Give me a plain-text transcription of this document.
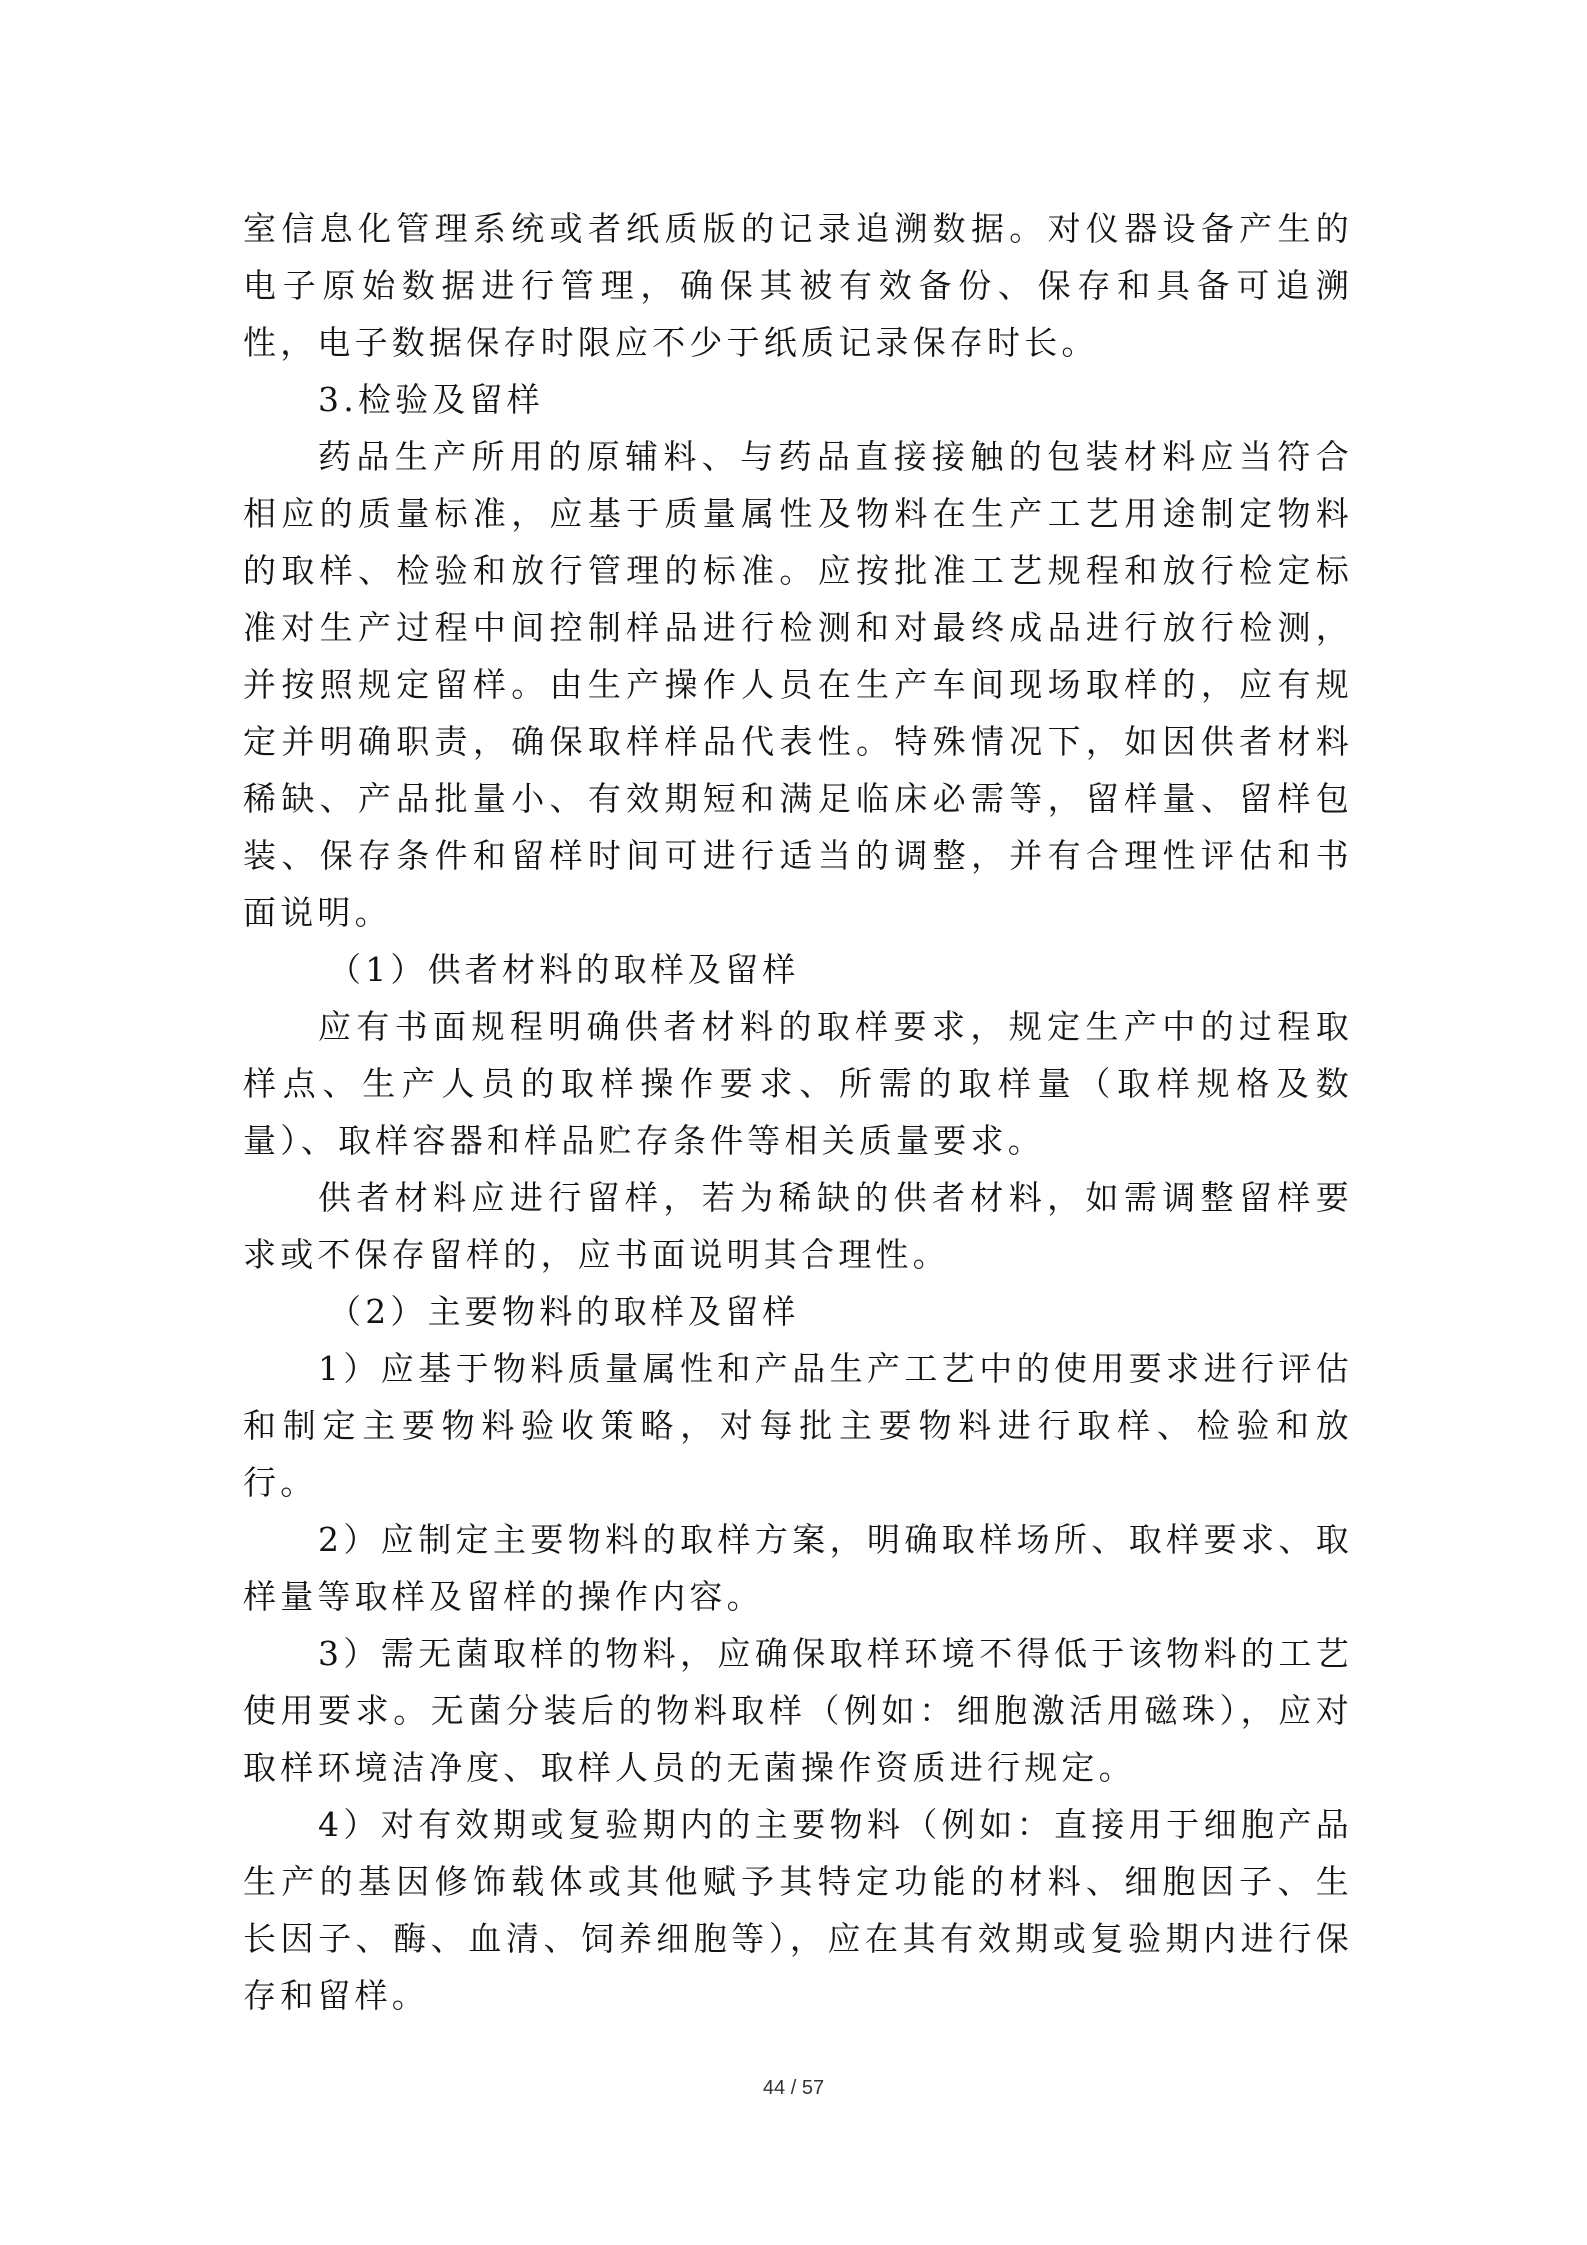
室信息化管理系统或者纸质版的记录追溯数据。对仪器设备产生的电子原始数据进行管理，确保其被有效备份、保存和具备可追溯性，电子数据保存时限应不少于纸质记录保存时长。

3.检验及留样

药品生产所用的原辅料、与药品直接接触的包装材料应当符合相应的质量标准，应基于质量属性及物料在生产工艺用途制定物料的取样、检验和放行管理的标准。应按批准工艺规程和放行检定标准对生产过程中间控制样品进行检测和对最终成品进行放行检测，并按照规定留样。由生产操作人员在生产车间现场取样的，应有规定并明确职责，确保取样样品代表性。特殊情况下，如因供者材料稀缺、产品批量小、有效期短和满足临床必需等，留样量、留样包装、保存条件和留样时间可进行适当的调整，并有合理性评估和书面说明。

（1）供者材料的取样及留样

应有书面规程明确供者材料的取样要求，规定生产中的过程取样点、生产人员的取样操作要求、所需的取样量（取样规格及数量）、取样容器和样品贮存条件等相关质量要求。

供者材料应进行留样，若为稀缺的供者材料，如需调整留样要求或不保存留样的，应书面说明其合理性。

（2）主要物料的取样及留样

1）应基于物料质量属性和产品生产工艺中的使用要求进行评估和制定主要物料验收策略，对每批主要物料进行取样、检验和放行。

2）应制定主要物料的取样方案，明确取样场所、取样要求、取样量等取样及留样的操作内容。

3）需无菌取样的物料，应确保取样环境不得低于该物料的工艺使用要求。无菌分装后的物料取样（例如：细胞激活用磁珠），应对取样环境洁净度、取样人员的无菌操作资质进行规定。

4）对有效期或复验期内的主要物料（例如：直接用于细胞产品生产的基因修饰载体或其他赋予其特定功能的材料、细胞因子、生长因子、酶、血清、饲养细胞等），应在其有效期或复验期内进行保存和留样。

44 / 57
